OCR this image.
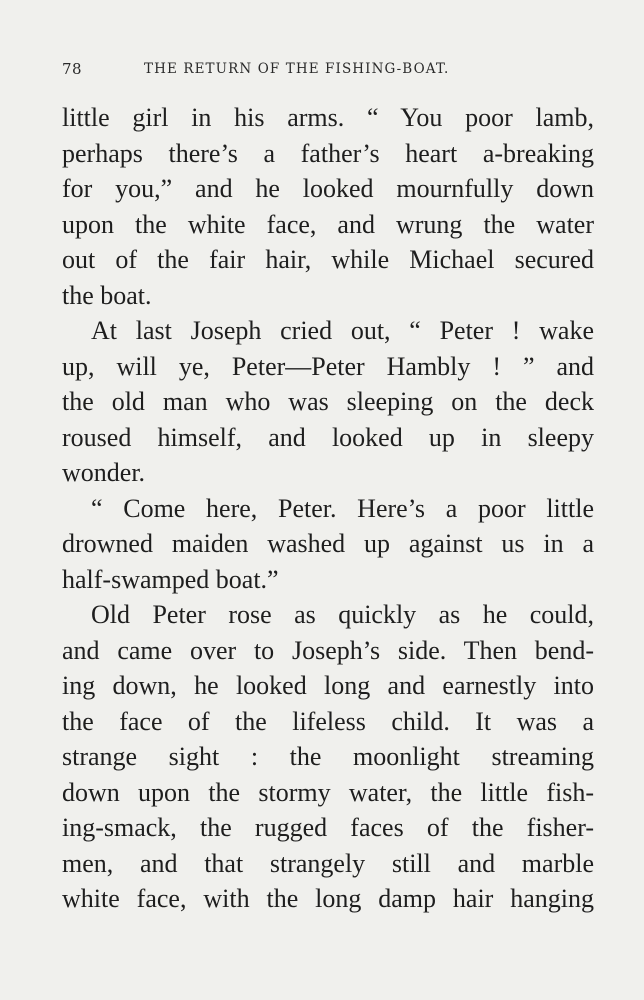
78	THE RETURN OF THE FISHING-BOAT.
little girl in his arms. “ You poor lamb,
perhaps there’s a father’s heart a-breaking
for you,” and he looked mournfully down
upon the white face, and wrung the water
out of the fair hair, while Michael secured
the boat.
At last Joseph cried out, “ Peter ! wake
up, will ye, Peter—Peter Hambly ! ” and
the old man who was sleeping on the deck
roused himself, and looked up in sleepy
wonder.
“ Come here, Peter. Here’s a poor little
drowned maiden washed up against us in a
half-swamped boat.”
Old Peter rose as quickly as he could,
and came over to Joseph’s side. Then bend-
ing down, he looked long and earnestly into
the face of the lifeless child. It was a
strange sight : the moonlight streaming
down upon the stormy water, the little fish-
ing-smack, the rugged faces of the fisher-
men, and that strangely still and marble
white face, with the long damp hair hanging
